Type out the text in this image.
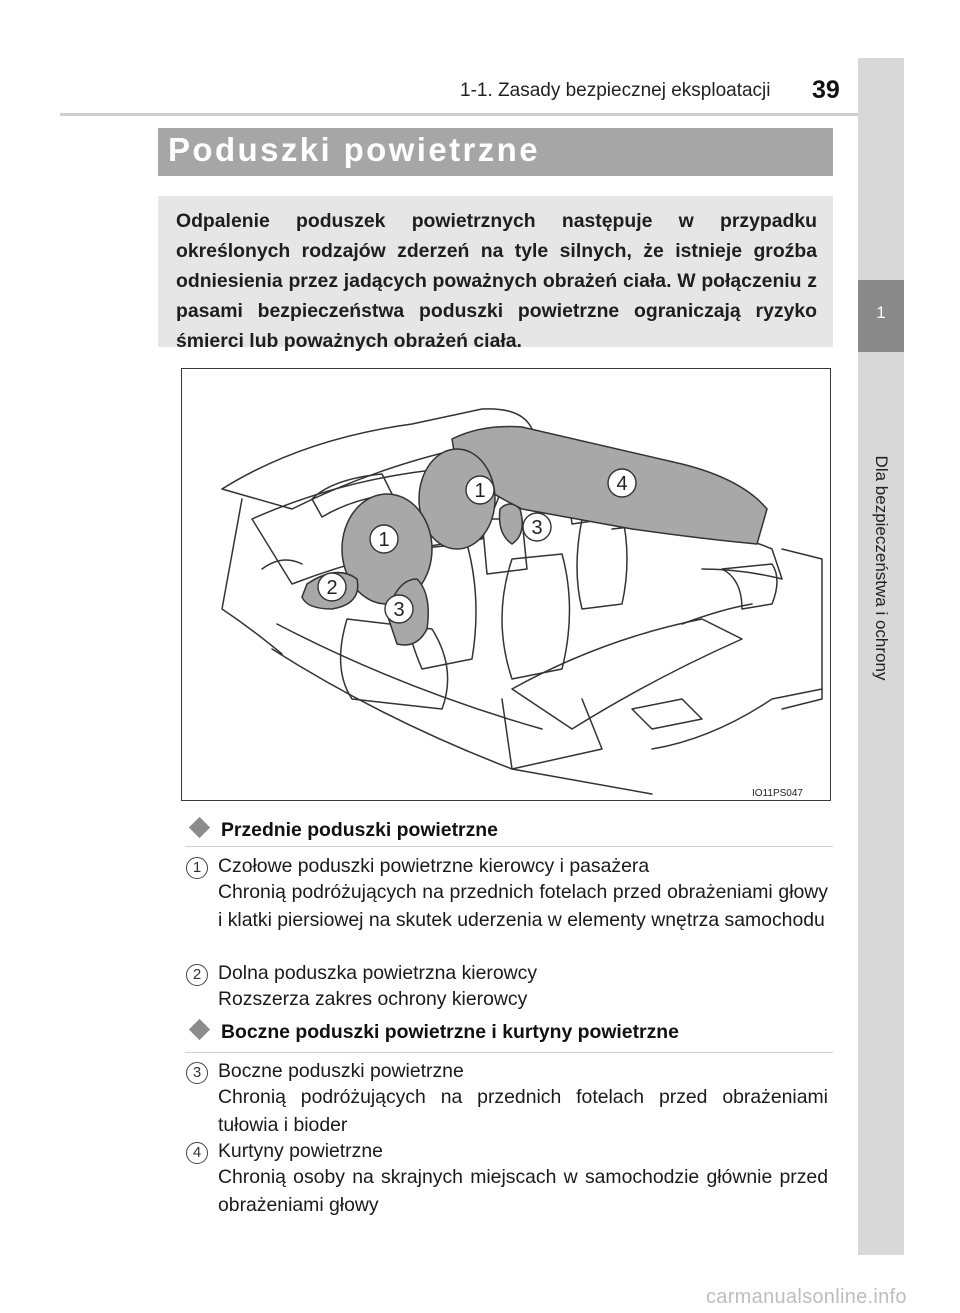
1-1. Zasady bezpiecznej eksploatacji 39
1
Dla bezpieczeństwa i ochrony
Poduszki powietrzne
Odpalenie poduszek powietrznych następuje w przypadku określonych rodzajów zderzeń na tyle silnych, że istnieje groźba odniesienia przez jadących poważnych obrażeń ciała. W połączeniu z pasami bezpieczeństwa poduszki powietrzne ograniczają ryzyko śmierci lub poważnych obrażeń ciała.
1
1
2
3
3
4
IO11PS047
Przednie poduszki powietrzne
1 Czołowe poduszki powietrzne kierowcy i pasażera
Chronią podróżujących na przednich fotelach przed obrażeniami głowy i klatki piersiowej na skutek uderzenia w elementy wnętrza samochodu
2 Dolna poduszka powietrzna kierowcy
Rozszerza zakres ochrony kierowcy
Boczne poduszki powietrzne i kurtyny powietrzne
3 Boczne poduszki powietrzne
Chronią podróżujących na przednich fotelach przed obrażeniami tułowia i bioder
4 Kurtyny powietrzne
Chronią osoby na skrajnych miejscach w samochodzie głównie przed obrażeniami głowy
carmanualsonline.info
